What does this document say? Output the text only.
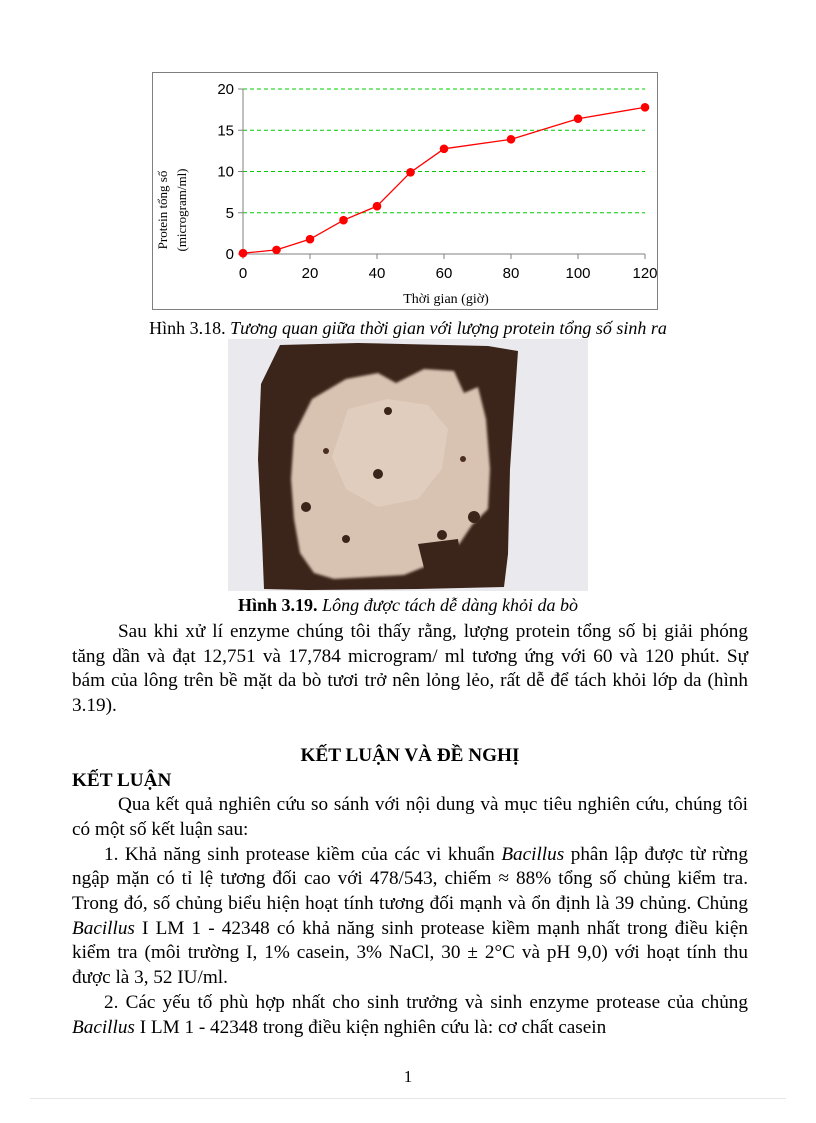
0
5
10
15
20
0	20	40	60	80	100	120
Thời gian (giờ)
Protein tổng số (microgram/ml)
Hình 3.18. Tương quan giữa thời gian với lượng protein tổng số sinh ra
Hình 3.19. Lông được tách dễ dàng khỏi da bò

Sau khi xử lí enzyme chúng tôi thấy rằng, lượng protein tổng số bị giải phóng tăng dần và đạt 12,751 và 17,784 microgram/ ml tương ứng với 60 và 120 phút. Sự bám của lông trên bề mặt da bò tươi trở nên lỏng lẻo, rất dễ để tách khỏi lớp da (hình 3.19).

KẾT LUẬN VÀ ĐỀ NGHỊ

KẾT LUẬN

Qua kết quả nghiên cứu so sánh với nội dung và mục tiêu nghiên cứu, chúng tôi có một số kết luận sau:

1. Khả năng sinh protease kiềm của các vi khuẩn Bacillus phân lập được từ rừng ngập mặn có tỉ lệ tương đối cao với 478/543, chiếm ≈ 88% tổng số chủng kiểm tra. Trong đó, số chủng biểu hiện hoạt tính tương đối mạnh và ổn định là 39 chủng. Chủng Bacillus I LM 1 - 42348 có khả năng sinh protease kiềm mạnh nhất trong điều kiện kiểm tra (môi trường I, 1% casein, 3% NaCl, 30 ± 2°C và pH 9,0) với hoạt tính thu được là 3, 52 IU/ml.

2. Các yếu tố phù hợp nhất cho sinh trưởng và sinh enzyme protease của chủng Bacillus I LM 1 - 42348 trong điều kiện nghiên cứu là: cơ chất casein

1
